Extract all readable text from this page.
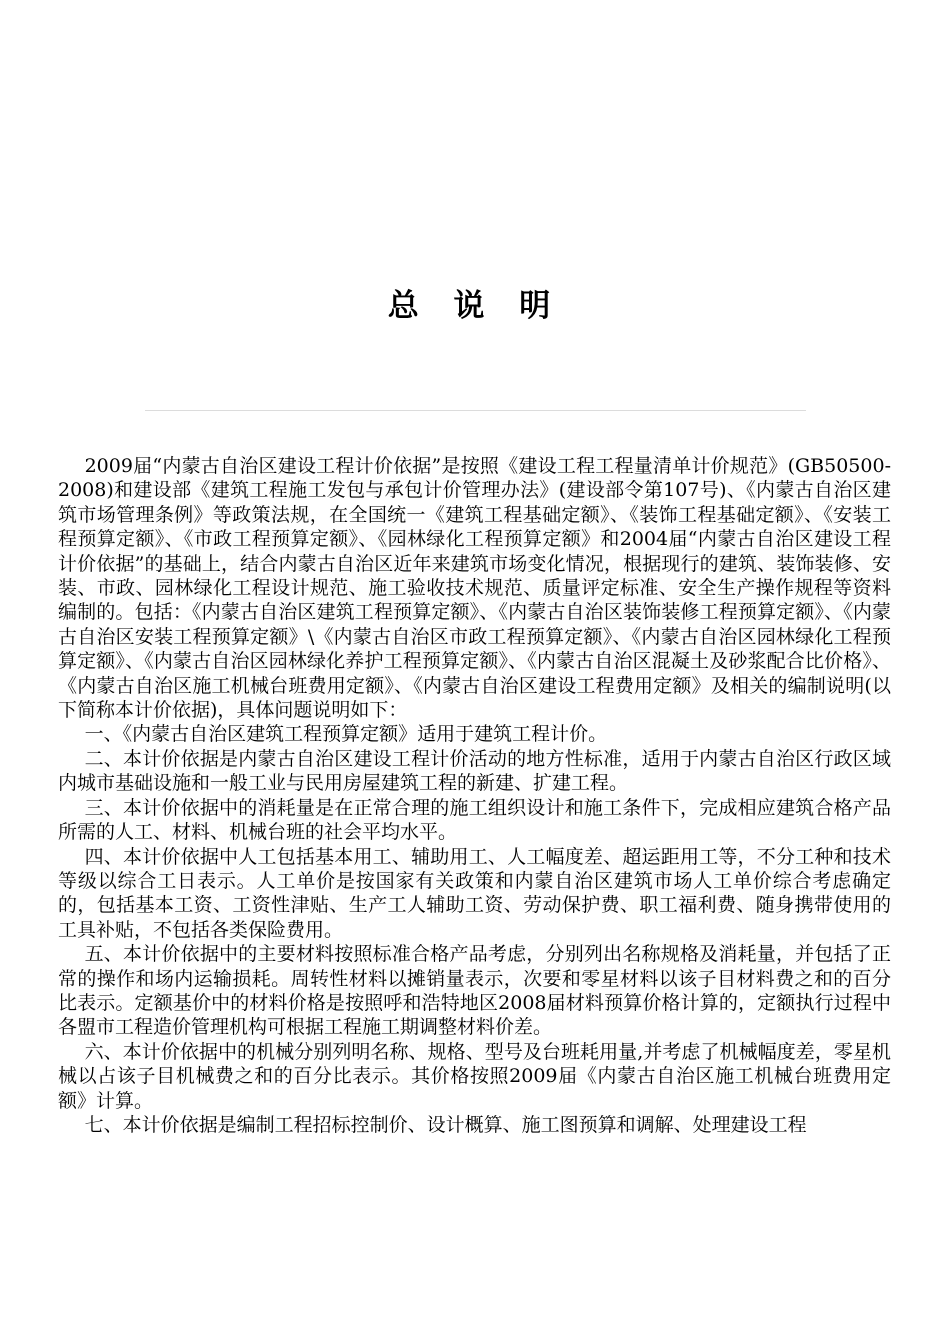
总 说 明

2009届“内蒙古自治区建设工程计价依据”是按照《建设工程工程量清单计价规范》(GB50500-2008)和建设部《建筑工程施工发包与承包计价管理办法》(建设部令第107号)、《内蒙古自治区建筑市场管理条例》等政策法规，在全国统一《建筑工程基础定额》、《装饰工程基础定额》、《安装工程预算定额》、《市政工程预算定额》、《园林绿化工程预算定额》和2004届“内蒙古自治区建设工程计价依据”的基础上，结合内蒙古自治区近年来建筑市场变化情况，根据现行的建筑、装饰装修、安装、市政、园林绿化工程设计规范、施工验收技术规范、质量评定标准、安全生产操作规程等资料编制的。包括：《内蒙古自治区建筑工程预算定额》、《内蒙古自治区装饰装修工程预算定额》、《内蒙古自治区安装工程预算定额》\《内蒙古自治区市政工程预算定额》、《内蒙古自治区园林绿化工程预算定额》、《内蒙古自治区园林绿化养护工程预算定额》、《内蒙古自治区混凝土及砂浆配合比价格》、《内蒙古自治区施工机械台班费用定额》、《内蒙古自治区建设工程费用定额》及相关的编制说明(以下简称本计价依据)，具体问题说明如下：

一、《内蒙古自治区建筑工程预算定额》适用于建筑工程计价。

二、本计价依据是内蒙古自治区建设工程计价活动的地方性标准，适用于内蒙古自治区行政区域内城市基础设施和一般工业与民用房屋建筑工程的新建、扩建工程。

三、本计价依据中的消耗量是在正常合理的施工组织设计和施工条件下，完成相应建筑合格产品所需的人工、材料、机械台班的社会平均水平。

四、本计价依据中人工包括基本用工、辅助用工、人工幅度差、超运距用工等，不分工种和技术等级以综合工日表示。人工单价是按国家有关政策和内蒙自治区建筑市场人工单价综合考虑确定的，包括基本工资、工资性津贴、生产工人辅助工资、劳动保护费、职工福利费、随身携带使用的工具补贴，不包括各类保险费用。

五、本计价依据中的主要材料按照标准合格产品考虑，分别列出名称规格及消耗量，并包括了正常的操作和场内运输损耗。周转性材料以摊销量表示，次要和零星材料以该子目材料费之和的百分比表示。定额基价中的材料价格是按照呼和浩特地区2008届材料预算价格计算的，定额执行过程中各盟市工程造价管理机构可根据工程施工期调整材料价差。

六、本计价依据中的机械分别列明名称、规格、型号及台班耗用量,并考虑了机械幅度差，零星机械以占该子目机械费之和的百分比表示。其价格按照2009届《内蒙古自治区施工机械台班费用定额》计算。

七、本计价依据是编制工程招标控制价、设计概算、施工图预算和调解、处理建设工程
